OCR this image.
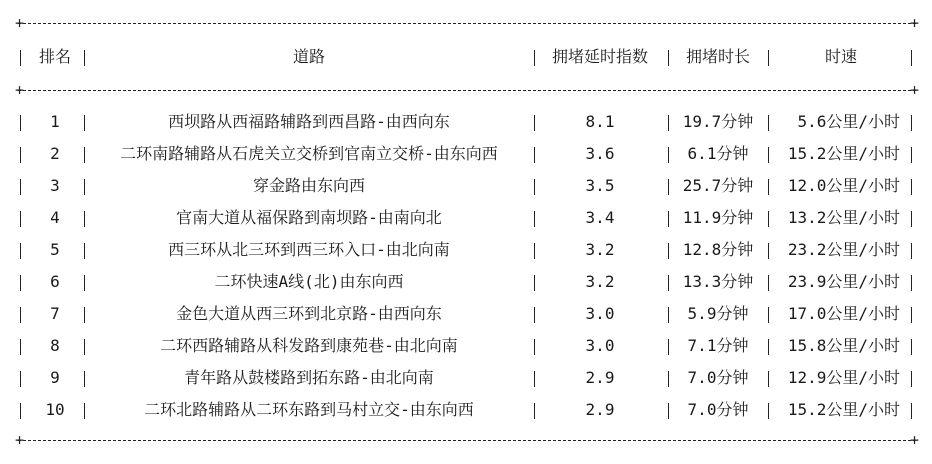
+ +
排名	道路	拥堵延时指数	拥堵时长	时速
+ +
1	西坝路从西福路辅路到西昌路-由西向东	8.1	19.7分钟	5.6公里/小时
2	二环南路辅路从石虎关立交桥到官南立交桥-由东向西	3.6	6.1分钟	15.2公里/小时
3	穿金路由东向西	3.5	25.7分钟	12.0公里/小时
4	官南大道从福保路到南坝路-由南向北	3.4	11.9分钟	13.2公里/小时
5	西三环从北三环到西三环入口-由北向南	3.2	12.8分钟	23.2公里/小时
6	二环快速A线(北)由东向西	3.2	13.3分钟	23.9公里/小时
7	金色大道从西三环到北京路-由西向东	3.0	5.9分钟	17.0公里/小时
8	二环西路辅路从科发路到康苑巷-由北向南	3.0	7.1分钟	15.8公里/小时
9	青年路从鼓楼路到拓东路-由北向南	2.9	7.0分钟	12.9公里/小时
10	二环北路辅路从二环东路到马村立交-由东向西	2.9	7.0分钟	15.2公里/小时
+ +
